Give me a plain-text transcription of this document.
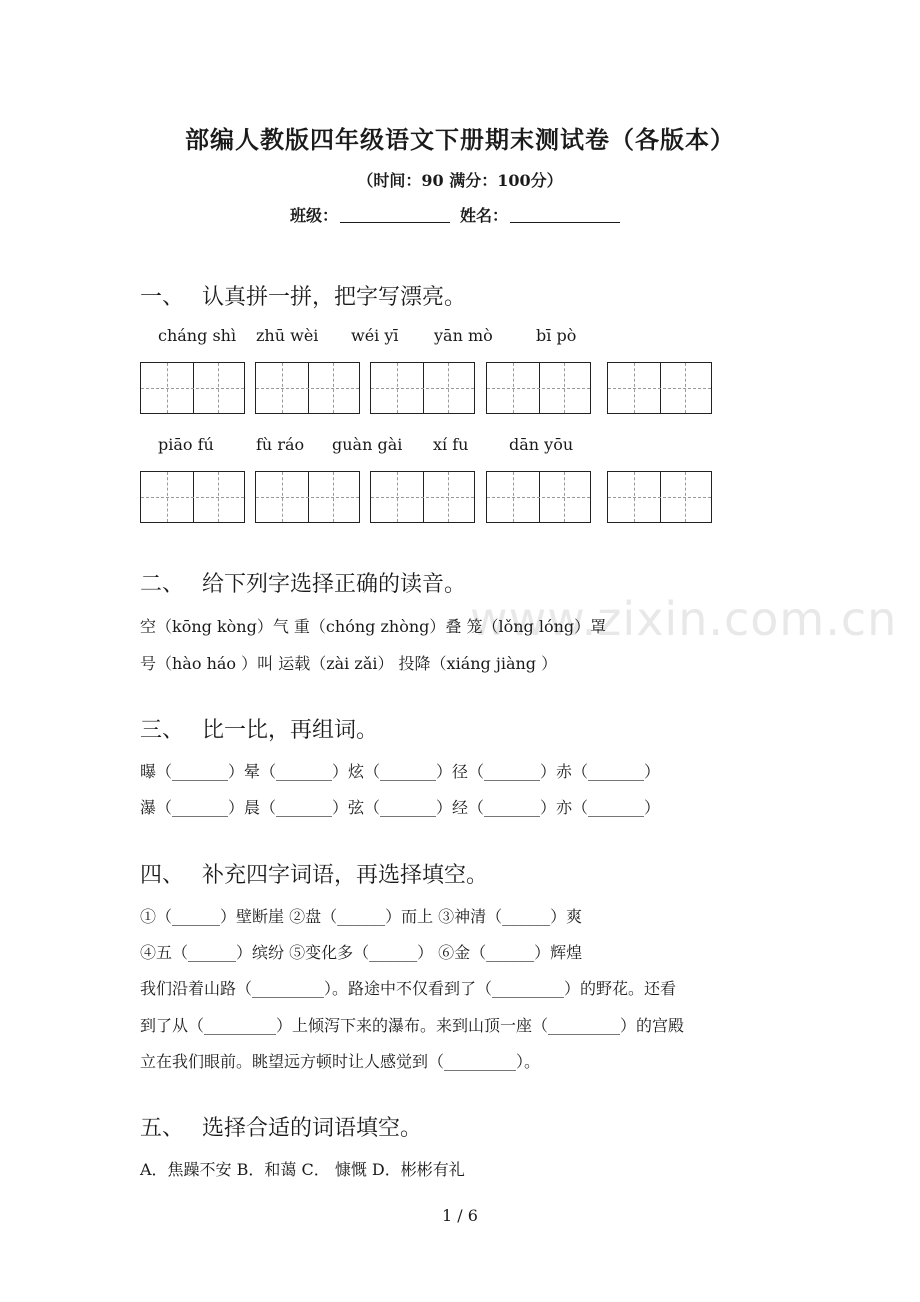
部编人教版四年级语文下册期末测试卷（各版本）
（时间：90 满分：100分）
班级：	姓名：
一、 认真拼一拼，把字写漂亮。
cháng shì zhū wèi wéi yī yān mò	bī pò
piāo fú	fù ráo guàn gài xí fu	dān yōu
www.zixin.com.cn
二、 给下列字选择正确的读音。
空（kōng kòng）气 重（chóng zhòng）叠 笼（lǒng lóng）罩
号（hào háo ）叫 运载（zài zǎi） 投降（xiáng jiàng ）
三、 比一比，再组词。
曝（_______）晕（_______）炫（_______）径（_______）赤（_______）
瀑（_______）晨（_______）弦（_______）经（_______）亦（_______）
四、 补充四字词语，再选择填空。
①（______）壁断崖 ②盘（______）而上 ③神清（______）爽
④五（______）缤纷 ⑤变化多（______） ⑥金（______）辉煌
我们沿着山路（_________）。路途中不仅看到了（_________）的野花。还看
到了从（_________）上倾泻下来的瀑布。来到山顶一座（_________）的宫殿
立在我们眼前。眺望远方顿时让人感觉到（_________）。
五、 选择合适的词语填空。
A．焦躁不安 B．和蔼 C． 慷慨 D．彬彬有礼
1 / 6
